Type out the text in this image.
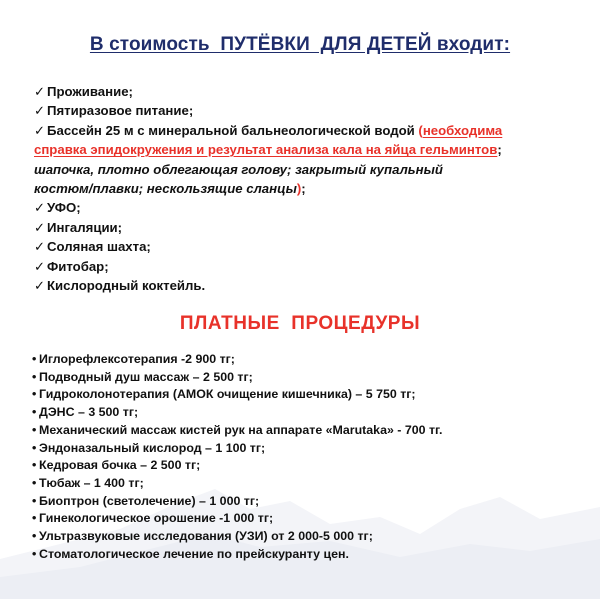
В стоимость  ПУТЁВКИ  ДЛЯ ДЕТЕЙ входит:
✓ Проживание;
✓ Пятиразовое питание;
✓ Бассейн 25 м с минеральной бальнеологической водой (необходима
справка эпидокружения и результат анализа кала на яйца гельминтов;
шапочка, плотно облегающая голову; закрытый купальный
костюм/плавки; нескользящие сланцы);
✓ УФО;
✓ Ингаляции;
✓ Соляная шахта;
✓ Фитобар;
✓ Кислородный коктейль.
ПЛАТНЫЕ  ПРОЦЕДУРЫ
• Иглорефлексотерапия -2 900 тг;
• Подводный душ массаж – 2 500 тг;
• Гидроколонотерапия (АМОК очищение кишечника) – 5 750 тг;
• ДЭНС – 3 500 тг;
• Механический массаж кистей рук на аппарате «Marutaka» - 700 тг.
• Эндоназальный кислород – 1 100 тг;
• Кедровая бочка – 2 500 тг;
• Тюбаж – 1 400 тг;
• Биоптрон (светолечение) – 1 000 тг;
• Гинекологическое орошение -1 000 тг;
• Ультразвуковые исследования (УЗИ) от 2 000-5 000 тг;
• Стоматологическое лечение по прейскуранту цен.
